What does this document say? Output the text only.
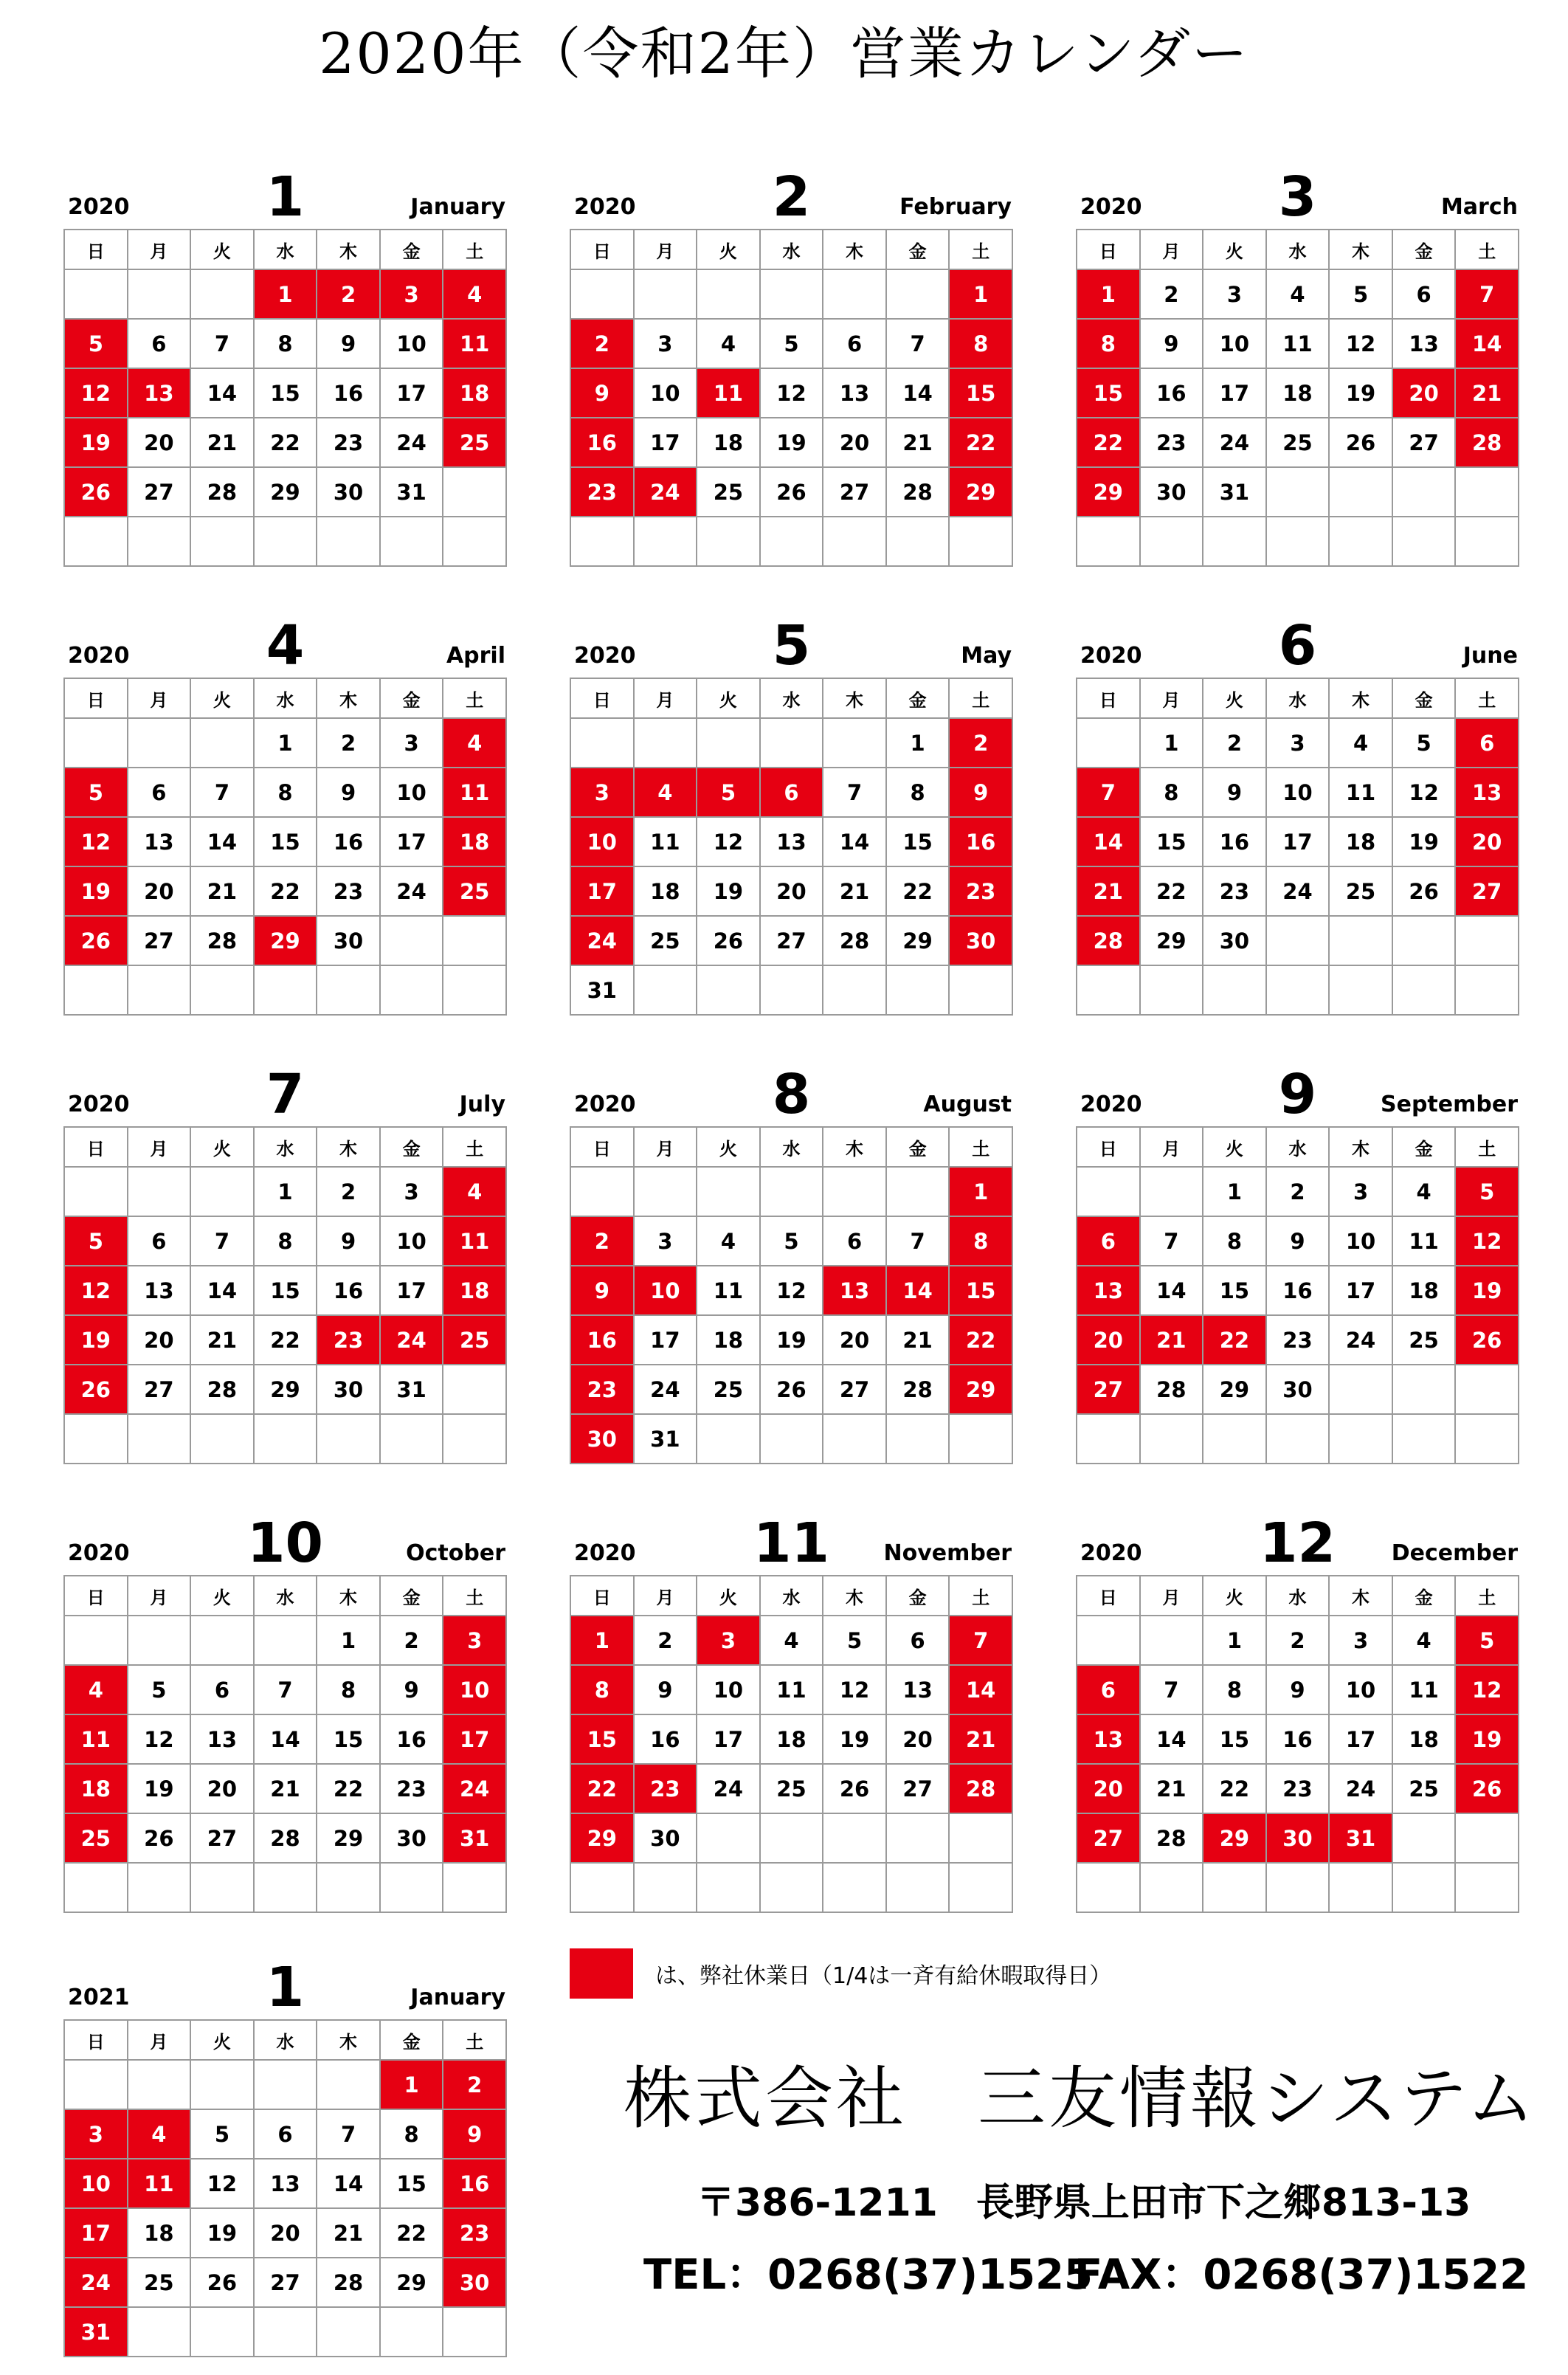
2020年（令和2年）営業カレンダー
2020	1	January
日	月	火	水	木	金	土
			1	2	3	4
5	6	7	8	9	10	11
12	13	14	15	16	17	18
19	20	21	22	23	24	25
26	27	28	29	30	31	

2020	2	February
日	月	火	水	木	金	土
						1
2	3	4	5	6	7	8
9	10	11	12	13	14	15
16	17	18	19	20	21	22
23	24	25	26	27	28	29

2020	3	March
日	月	火	水	木	金	土
1	2	3	4	5	6	7
8	9	10	11	12	13	14
15	16	17	18	19	20	21
22	23	24	25	26	27	28
29	30	31				

2020	4	April
日	月	火	水	木	金	土
			1	2	3	4
5	6	7	8	9	10	11
12	13	14	15	16	17	18
19	20	21	22	23	24	25
26	27	28	29	30		

2020	5	May
日	月	火	水	木	金	土
					1	2
3	4	5	6	7	8	9
10	11	12	13	14	15	16
17	18	19	20	21	22	23
24	25	26	27	28	29	30
31						
2020	6	June
日	月	火	水	木	金	土
	1	2	3	4	5	6
7	8	9	10	11	12	13
14	15	16	17	18	19	20
21	22	23	24	25	26	27
28	29	30				

2020	7	July
日	月	火	水	木	金	土
			1	2	3	4
5	6	7	8	9	10	11
12	13	14	15	16	17	18
19	20	21	22	23	24	25
26	27	28	29	30	31	

2020	8	August
日	月	火	水	木	金	土
						1
2	3	4	5	6	7	8
9	10	11	12	13	14	15
16	17	18	19	20	21	22
23	24	25	26	27	28	29
30	31					
2020	9	September
日	月	火	水	木	金	土
		1	2	3	4	5
6	7	8	9	10	11	12
13	14	15	16	17	18	19
20	21	22	23	24	25	26
27	28	29	30			

2020	10	October
日	月	火	水	木	金	土
				1	2	3
4	5	6	7	8	9	10
11	12	13	14	15	16	17
18	19	20	21	22	23	24
25	26	27	28	29	30	31

2020	11	November
日	月	火	水	木	金	土
1	2	3	4	5	6	7
8	9	10	11	12	13	14
15	16	17	18	19	20	21
22	23	24	25	26	27	28
29	30					

2020	12	December
日	月	火	水	木	金	土
		1	2	3	4	5
6	7	8	9	10	11	12
13	14	15	16	17	18	19
20	21	22	23	24	25	26
27	28	29	30	31		

2021	1	January
日	月	火	水	木	金	土
					1	2
3	4	5	6	7	8	9
10	11	12	13	14	15	16
17	18	19	20	21	22	23
24	25	26	27	28	29	30
31						
は、弊社休業日（1/4は一斉有給休暇取得日）
株式会社　三友情報システム
〒386-1211　長野県上田市下之郷813-13
TEL：0268(37)1525
FAX：0268(37)1522
